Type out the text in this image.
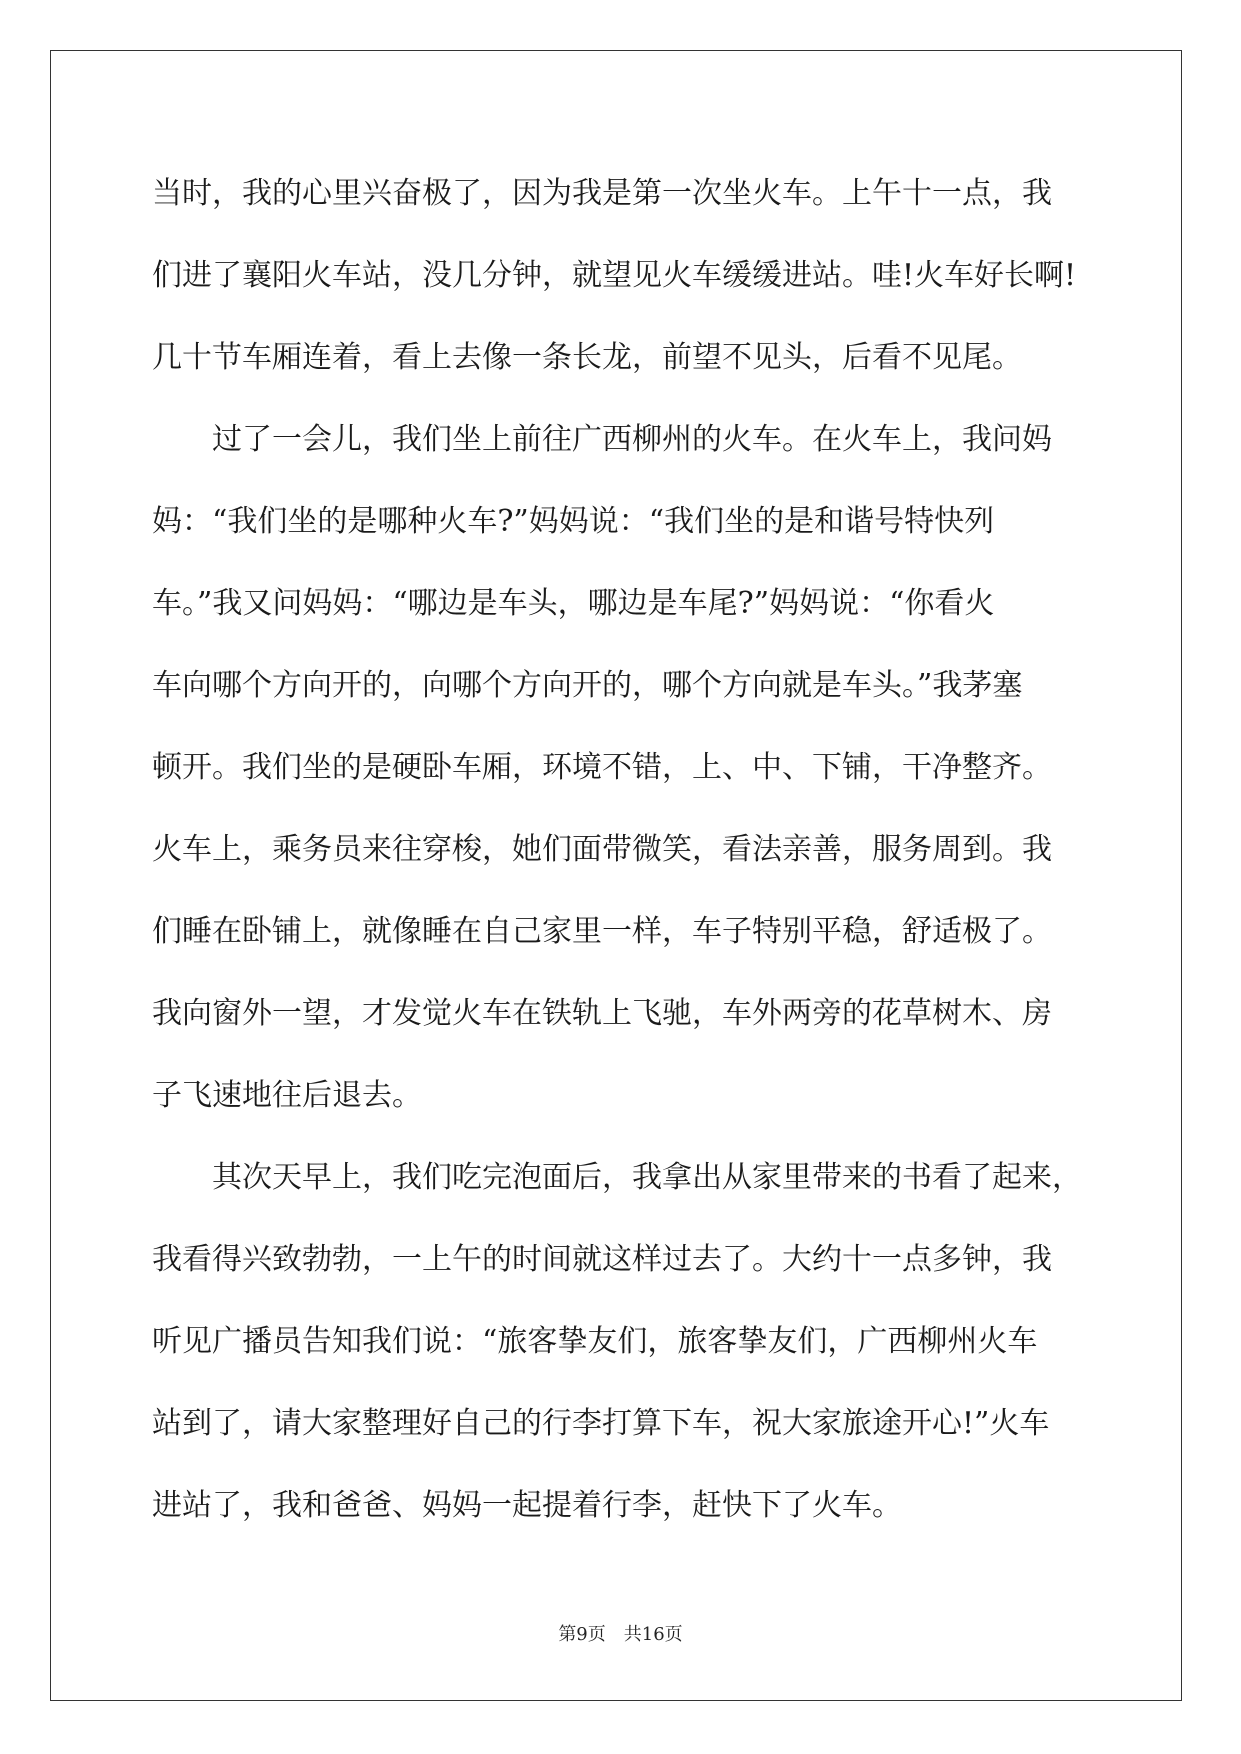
当时，我的心里兴奋极了，因为我是第一次坐火车。上午十一点，我
们进了襄阳火车站，没几分钟，就望见火车缓缓进站。哇!火车好长啊!
几十节车厢连着，看上去像一条长龙，前望不见头，后看不见尾。
过了一会儿，我们坐上前往广西柳州的火车。在火车上，我问妈
妈：“我们坐的是哪种火车?”妈妈说：“我们坐的是和谐号特快列
车。”我又问妈妈：“哪边是车头，哪边是车尾?”妈妈说：“你看火
车向哪个方向开的，向哪个方向开的，哪个方向就是车头。”我茅塞
顿开。我们坐的是硬卧车厢，环境不错，上、中、下铺，干净整齐。
火车上，乘务员来往穿梭，她们面带微笑，看法亲善，服务周到。我
们睡在卧铺上，就像睡在自己家里一样，车子特别平稳，舒适极了。
我向窗外一望，才发觉火车在铁轨上飞驰，车外两旁的花草树木、房
子飞速地往后退去。
其次天早上，我们吃完泡面后，我拿出从家里带来的书看了起来，
我看得兴致勃勃，一上午的时间就这样过去了。大约十一点多钟，我
听见广播员告知我们说：“旅客挚友们，旅客挚友们，广西柳州火车
站到了，请大家整理好自己的行李打算下车，祝大家旅途开心!”火车
进站了，我和爸爸、妈妈一起提着行李，赶快下了火车。
第9页　共16页
